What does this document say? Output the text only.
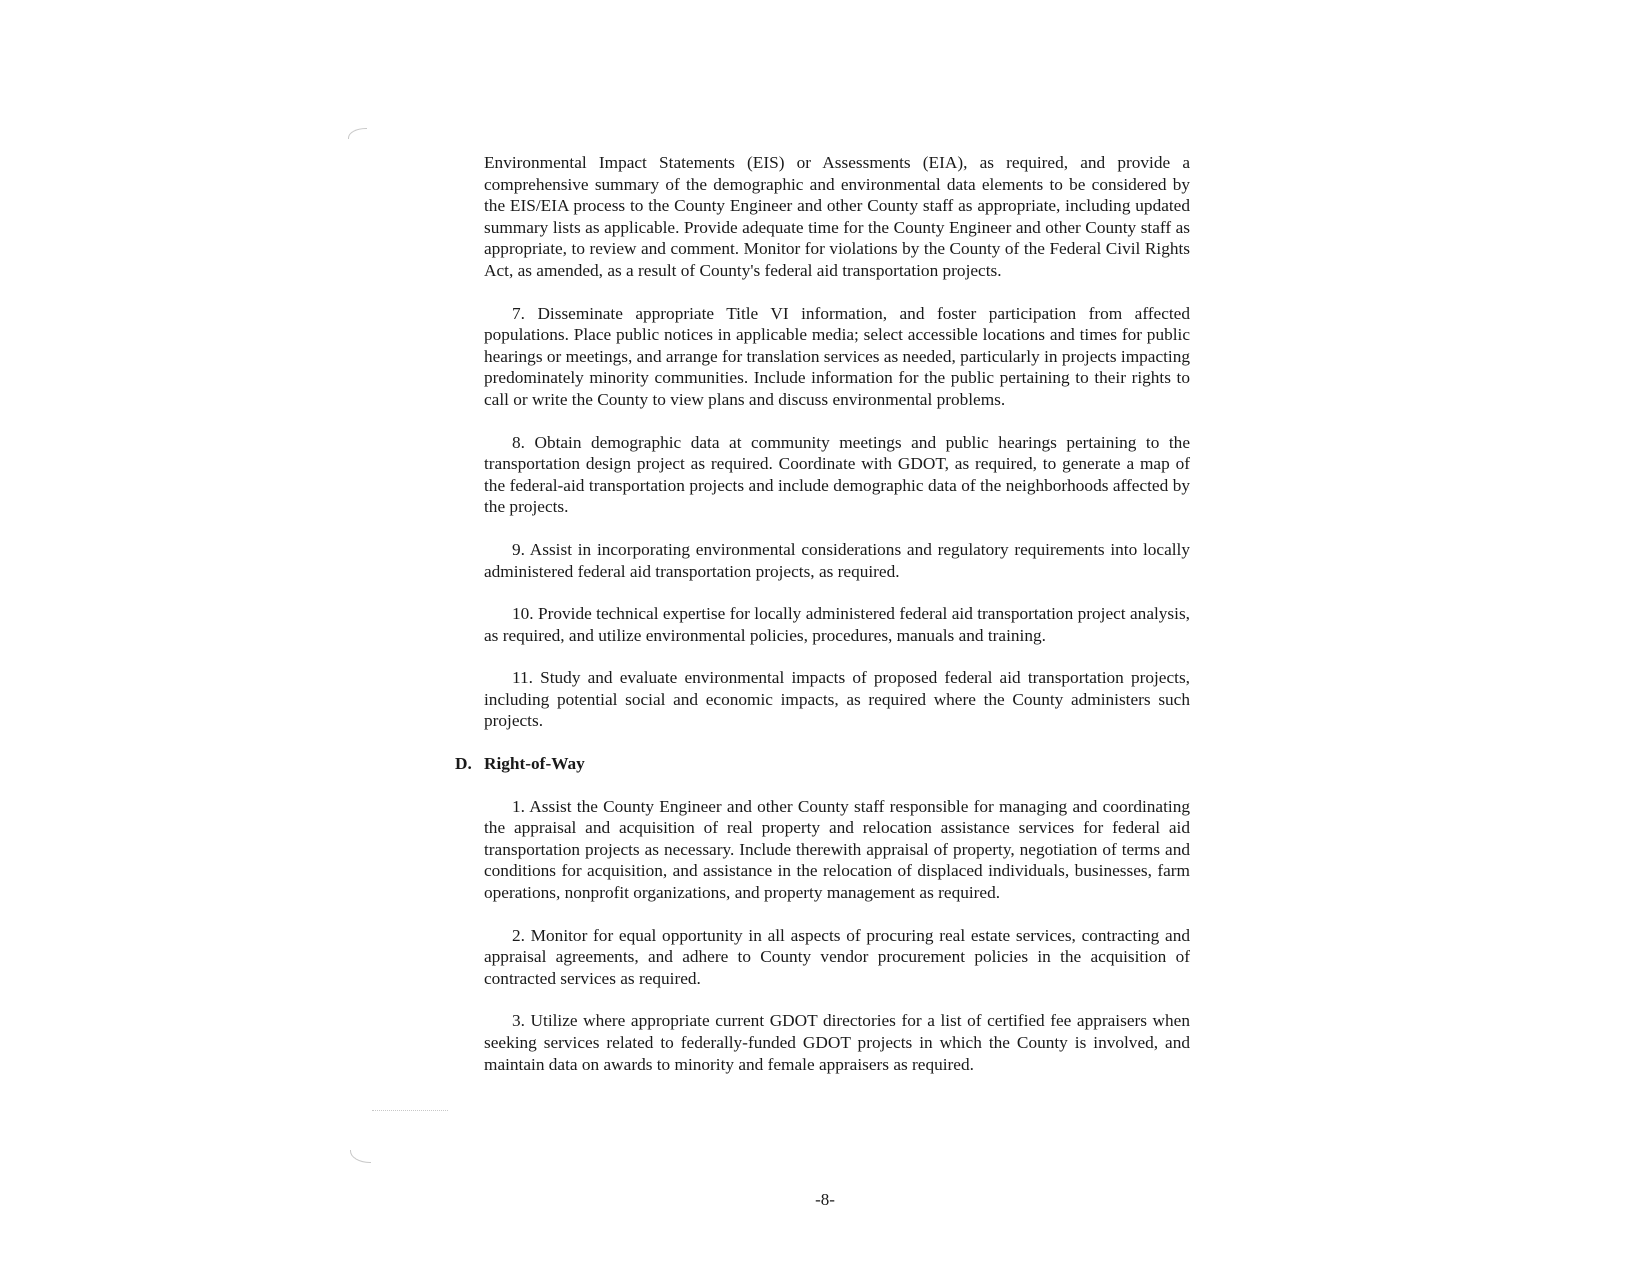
Environmental Impact Statements (EIS) or Assessments (EIA), as required, and provide a comprehensive summary of the demographic and environmental data elements to be considered by the EIS/EIA process to the County Engineer and other County staff as appropriate, including updated summary lists as applicable. Provide adequate time for the County Engineer and other County staff as appropriate, to review and comment. Monitor for violations by the County of the Federal Civil Rights Act, as amended, as a result of County's federal aid transportation projects.

7. Disseminate appropriate Title VI information, and foster participation from affected populations. Place public notices in applicable media; select accessible locations and times for public hearings or meetings, and arrange for translation services as needed, particularly in projects impacting predominately minority communities. Include information for the public pertaining to their rights to call or write the County to view plans and discuss environmental problems.

8. Obtain demographic data at community meetings and public hearings pertaining to the transportation design project as required. Coordinate with GDOT, as required, to generate a map of the federal-aid transportation projects and include demographic data of the neighborhoods affected by the projects.

9. Assist in incorporating environmental considerations and regulatory requirements into locally administered federal aid transportation projects, as required.

10. Provide technical expertise for locally administered federal aid transportation project analysis, as required, and utilize environmental policies, procedures, manuals and training.

11. Study and evaluate environmental impacts of proposed federal aid transportation projects, including potential social and economic impacts, as required where the County administers such projects.

D. Right-of-Way

1. Assist the County Engineer and other County staff responsible for managing and coordinating the appraisal and acquisition of real property and relocation assistance services for federal aid transportation projects as necessary. Include therewith appraisal of property, negotiation of terms and conditions for acquisition, and assistance in the relocation of displaced individuals, businesses, farm operations, nonprofit organizations, and property management as required.

2. Monitor for equal opportunity in all aspects of procuring real estate services, contracting and appraisal agreements, and adhere to County vendor procurement policies in the acquisition of contracted services as required.

3. Utilize where appropriate current GDOT directories for a list of certified fee appraisers when seeking services related to federally-funded GDOT projects in which the County is involved, and maintain data on awards to minority and female appraisers as required.

-8-
